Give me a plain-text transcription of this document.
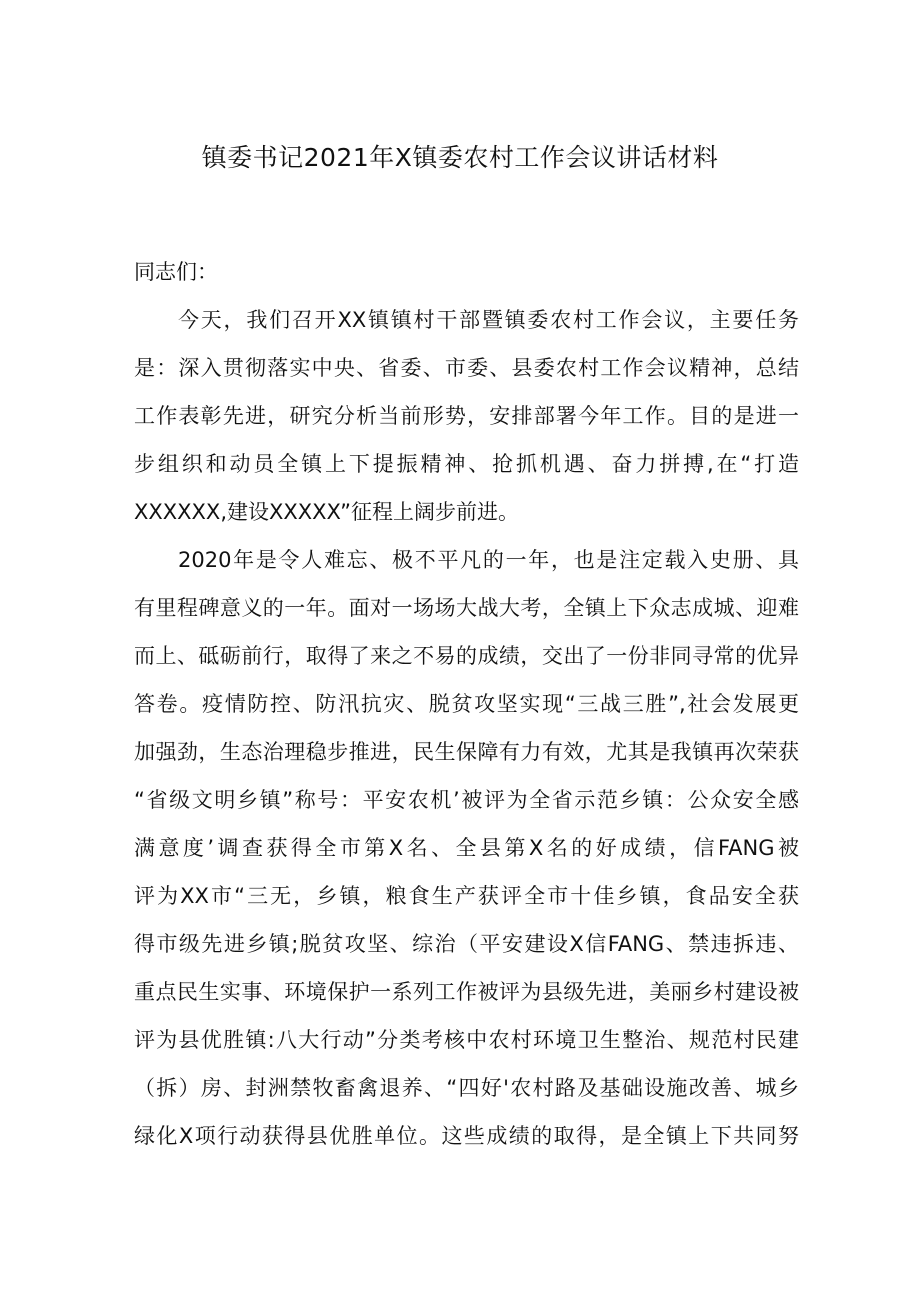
镇委书记2021年X镇委农村工作会议讲话材料
同志们：
今天，我们召开XX镇镇村干部暨镇委农村工作会议，主要任务
是：深入贯彻落实中央、省委、市委、县委农村工作会议精神，总结
工作表彰先进，研究分析当前形势，安排部署今年工作。目的是进一
步组织和动员全镇上下提振精神、抢抓机遇、奋力拼搏,在“打造
XXXXXX,建设XXXXX”征程上阔步前进。
2020年是令人难忘、极不平凡的一年，也是注定载入史册、具
有里程碑意义的一年。面对一场场大战大考，全镇上下众志成城、迎难
而上、砥砺前行，取得了来之不易的成绩，交出了一份非同寻常的优异
答卷。疫情防控、防汛抗灾、脱贫攻坚实现“三战三胜”,社会发展更
加强劲，生态治理稳步推进，民生保障有力有效，尤其是我镇再次荣获
“省级文明乡镇”称号：平安农机’被评为全省示范乡镇：公众安全感
满意度’调查获得全市第X名、全县第X名的好成绩，信FANG被
评为XX市“三无，乡镇，粮食生产获评全市十佳乡镇，食品安全获
得市级先进乡镇;脱贫攻坚、综治（平安建设X信FANG、禁违拆违、
重点民生实事、环境保护一系列工作被评为县级先进，美丽乡村建设被
评为县优胜镇:八大行动”分类考核中农村环境卫生整治、规范村民建
（拆）房、封洲禁牧畜禽退养、“四好'农村路及基础设施改善、城乡
绿化X项行动获得县优胜单位。这些成绩的取得，是全镇上下共同努
